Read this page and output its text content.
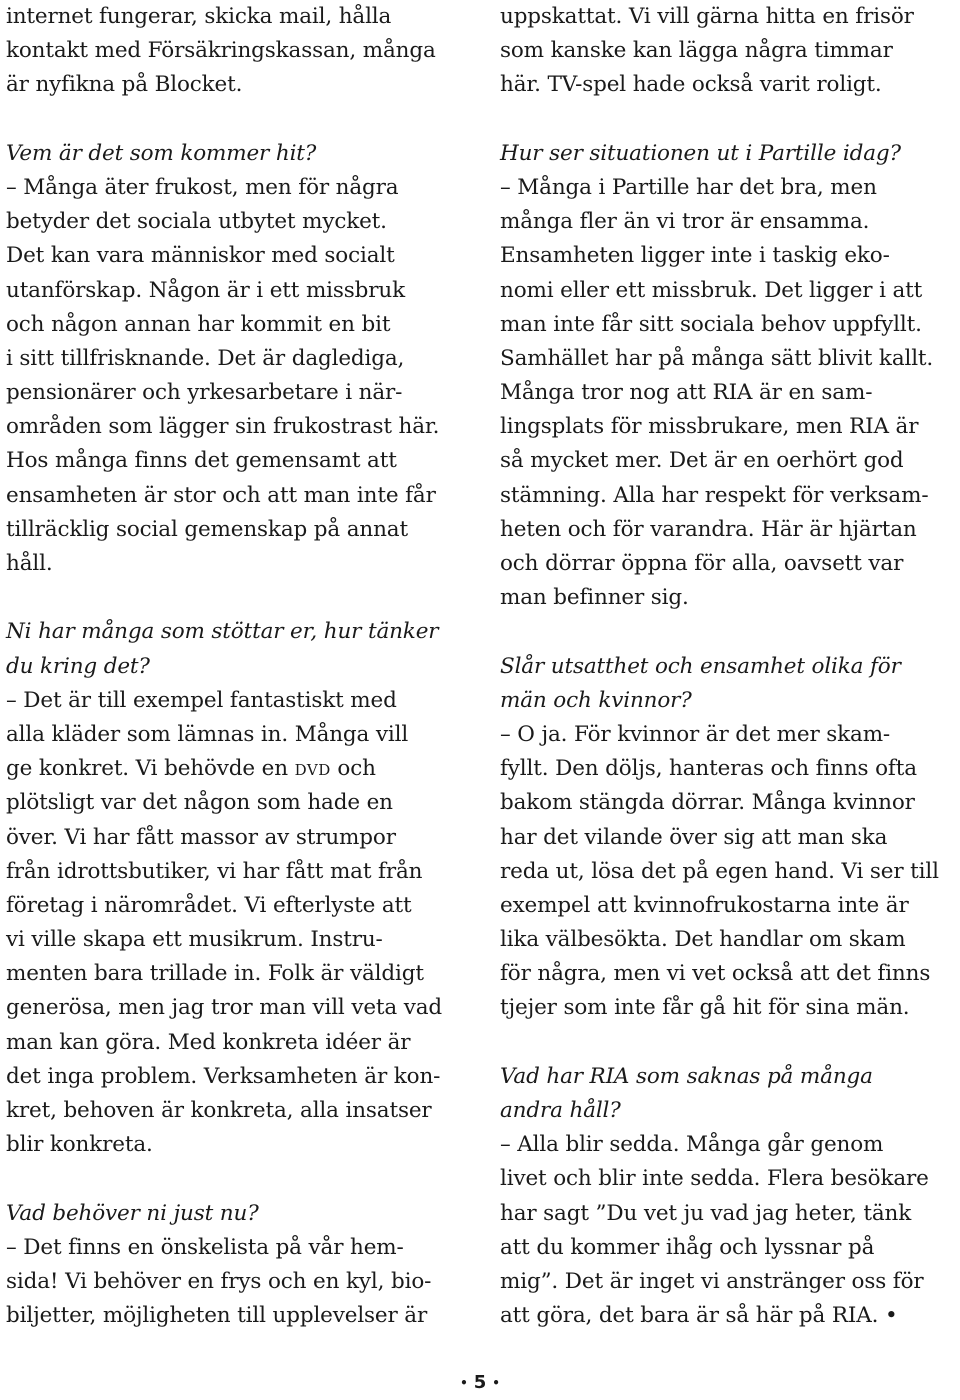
internet fungerar, skicka mail, hålla
kontakt med Försäkringskassan, många
är nyfikna på Blocket.
Vem är det som kommer hit?
– Många äter frukost, men för några
betyder det sociala utbytet mycket.
Det kan vara människor med socialt
utanförskap. Någon är i ett missbruk
och någon annan har kommit en bit
i sitt tillfrisknande. Det är dagledigа,
pensionärer och yrkesarbetare i när-
områden som lägger sin frukostrast här.
Hos många finns det gemensamt att
ensamheten är stor och att man inte får
tillräcklig social gemenskap på annat
håll.
Ni har många som stöttar er, hur tänker
du kring det?
– Det är till exempel fantastiskt med
alla kläder som lämnas in. Många vill
ge konkret. Vi behövde en dvd och
plötsligt var det någon som hade en
över. Vi har fått massor av strumpor
från idrottsbutiker, vi har fått mat från
företag i närområdet. Vi efterlyste att
vi ville skapa ett musikrum. Instru-
menten bara trillade in. Folk är väldigt
generösa, men jag tror man vill veta vad
man kan göra. Med konkreta idéer är
det inga problem. Verksamheten är kon-
kret, behoven är konkreta, alla insatser
blir konkreta.
Vad behöver ni just nu?
– Det finns en önskelista på vår hem-
sida! Vi behöver en frys och en kyl, bio-
biljetter, möjligheten till upplevelser är
uppskattat. Vi vill gärna hitta en frisör
som kanske kan lägga några timmar
här. TV-spel hade också varit roligt.
Hur ser situationen ut i Partille idag?
– Många i Partille har det bra, men
många fler än vi tror är ensamma.
Ensamheten ligger inte i taskig eko-
nomi eller ett missbruk. Det ligger i att
man inte får sitt sociala behov uppfyllt.
Samhället har på många sätt blivit kallt.
Många tror nog att RIA är en sam-
lingsplats för missbrukare, men RIA är
så mycket mer. Det är en oerhört god
stämning. Alla har respekt för verksam-
heten och för varandra. Här är hjärtan
och dörrar öppna för alla, oavsett var
man befinner sig.
Slår utsatthet och ensamhet olika för
män och kvinnor?
– O ja. För kvinnor är det mer skam-
fyllt. Den döljs, hanteras och finns ofta
bakom stängda dörrar. Många kvinnor
har det vilande över sig att man ska
reda ut, lösa det på egen hand. Vi ser till
exempel att kvinnofrukostarna inte är
lika välbesökta. Det handlar om skam
för några, men vi vet också att det finns
tjejer som inte får gå hit för sina män.
Vad har RIA som saknas på många
andra håll?
– Alla blir sedda. Många går genom
livet och blir inte sedda. Flera besökare
har sagt ”Du vet ju vad jag heter, tänk
att du kommer ihåg och lyssnar på
mig”. Det är inget vi anstränger oss för
att göra, det bara är så här på RIA. •
• 5 •
